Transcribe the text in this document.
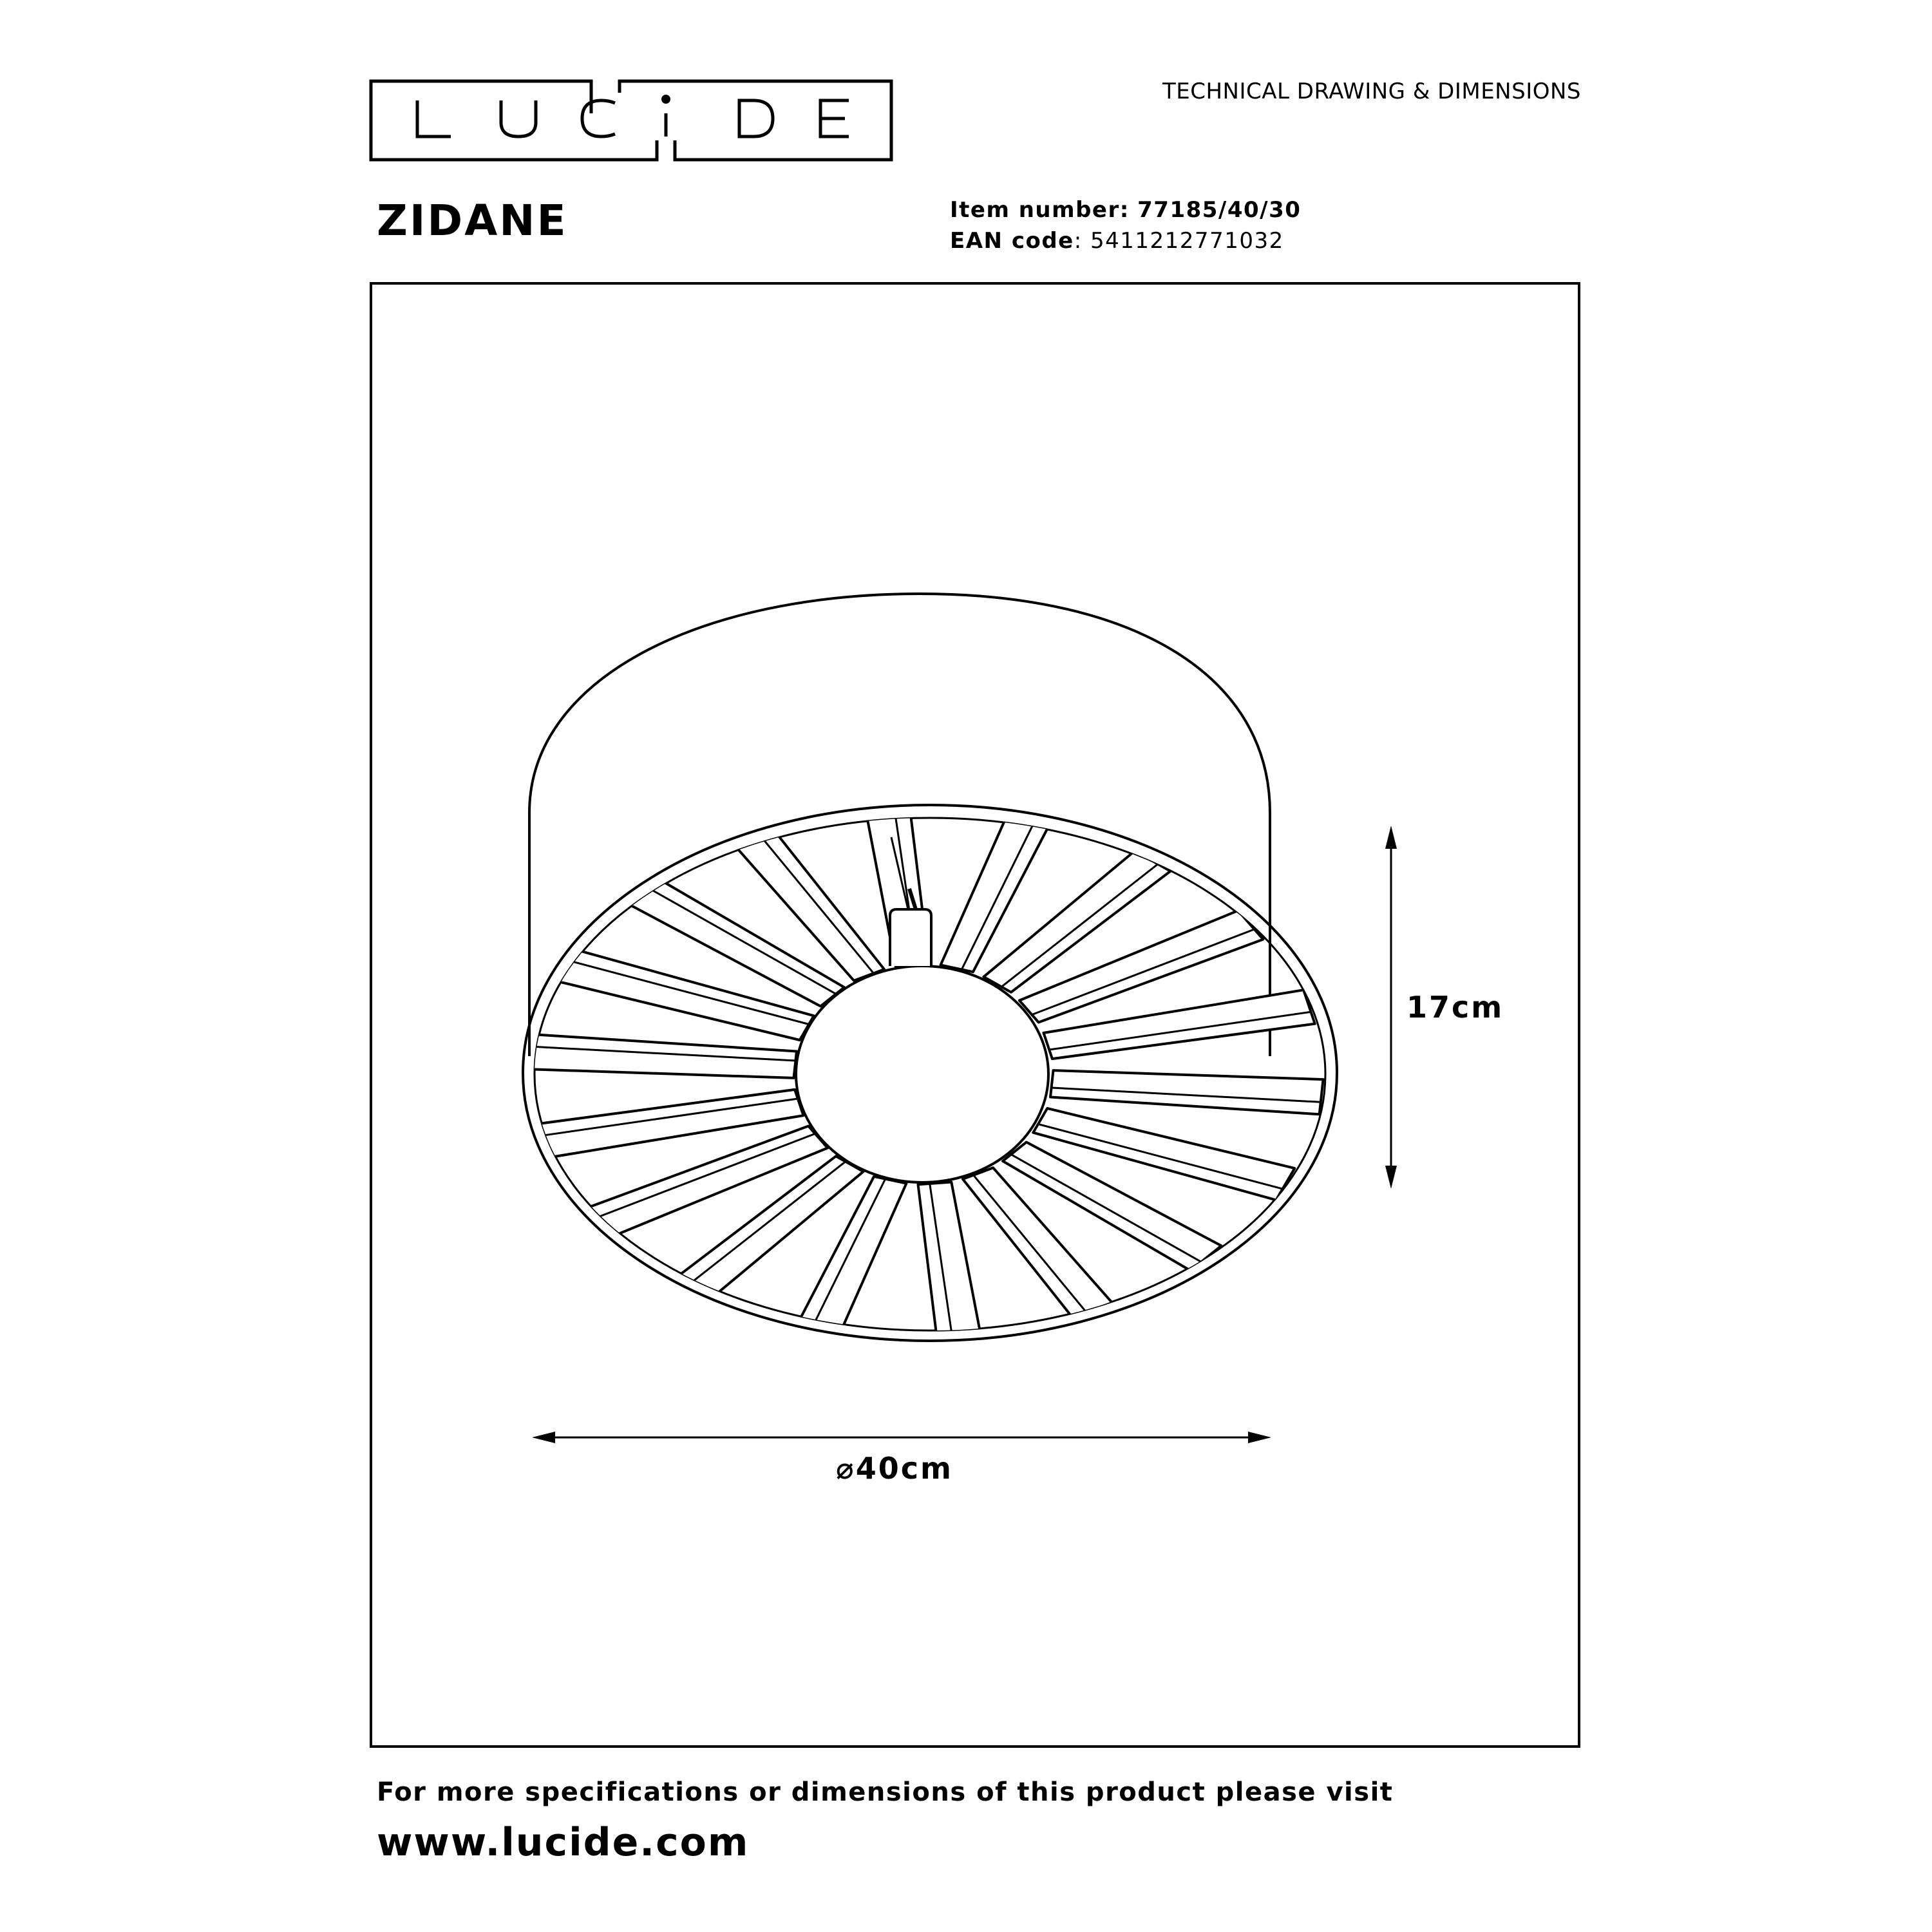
TECHNICAL DRAWING & DIMENSIONS
ZIDANE	Item number: 77185/40/30
EAN code: 5411212771032
17cm
⌀40cm
For more specifications or dimensions of this product please visit
www.lucide.com
